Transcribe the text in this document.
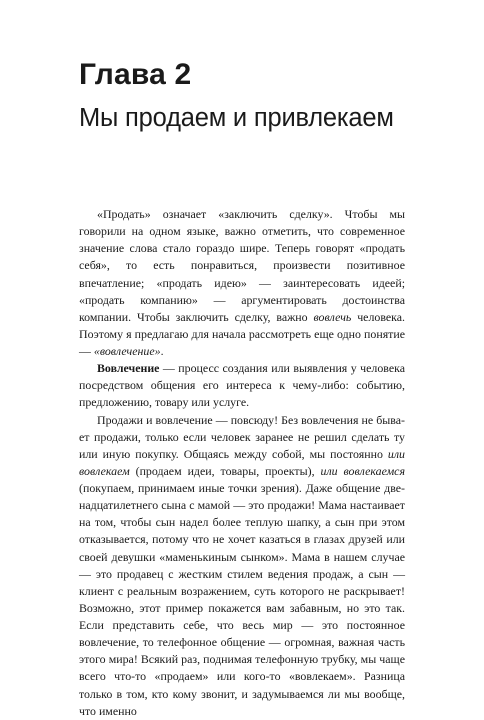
Глава 2
Мы продаем и привлекаем

«Продать» означает «заключить сделку». Чтобы мы говорили на одном языке, важно отметить, что современное значение слова стало гораздо шире. Теперь говорят «продать себя», то есть понравиться, произвести позитивное впечатление; «продать идею» — заинтересовать идеей; «продать компанию» — аргументировать достоинства компании. Чтобы заключить сделку, важно вовлечь человека. Поэтому я предлагаю для начала рассмотреть еще одно понятие — «вовлечение».

Вовлечение — процесс создания или выявления у человека посредством общения его интереса к чему-либо: событию, предложению, товару или услуге.

Продажи и вовлечение — повсюду! Без вовлечения не бывает продажи, только если человек заранее не решил сделать ту или иную покупку. Общаясь между собой, мы постоянно или вовлекаем (продаем идеи, товары, проекты), или вовлекаемся (покупаем, принимаем иные точки зрения). Даже общение двенадцатилетнего сына с мамой — это продажи! Мама настаивает на том, чтобы сын надел более теплую шапку, а сын при этом отказывается, потому что не хочет казаться в глазах друзей или своей девушки «маменькиным сынком». Мама в нашем случае — это продавец с жестким стилем ведения продаж, а сын — клиент с реальным возражением, суть которого не раскрывает! Возможно, этот пример покажется вам забавным, но это так. Если представить себе, что весь мир — это постоянное вовлечение, то телефонное общение — огромная, важная часть этого мира! Всякий раз, поднимая телефонную трубку, мы чаще всего что-то «продаем» или кого-то «вовлекаем». Разница только в том, кто кому звонит, и задумываемся ли мы вообще, что именно
